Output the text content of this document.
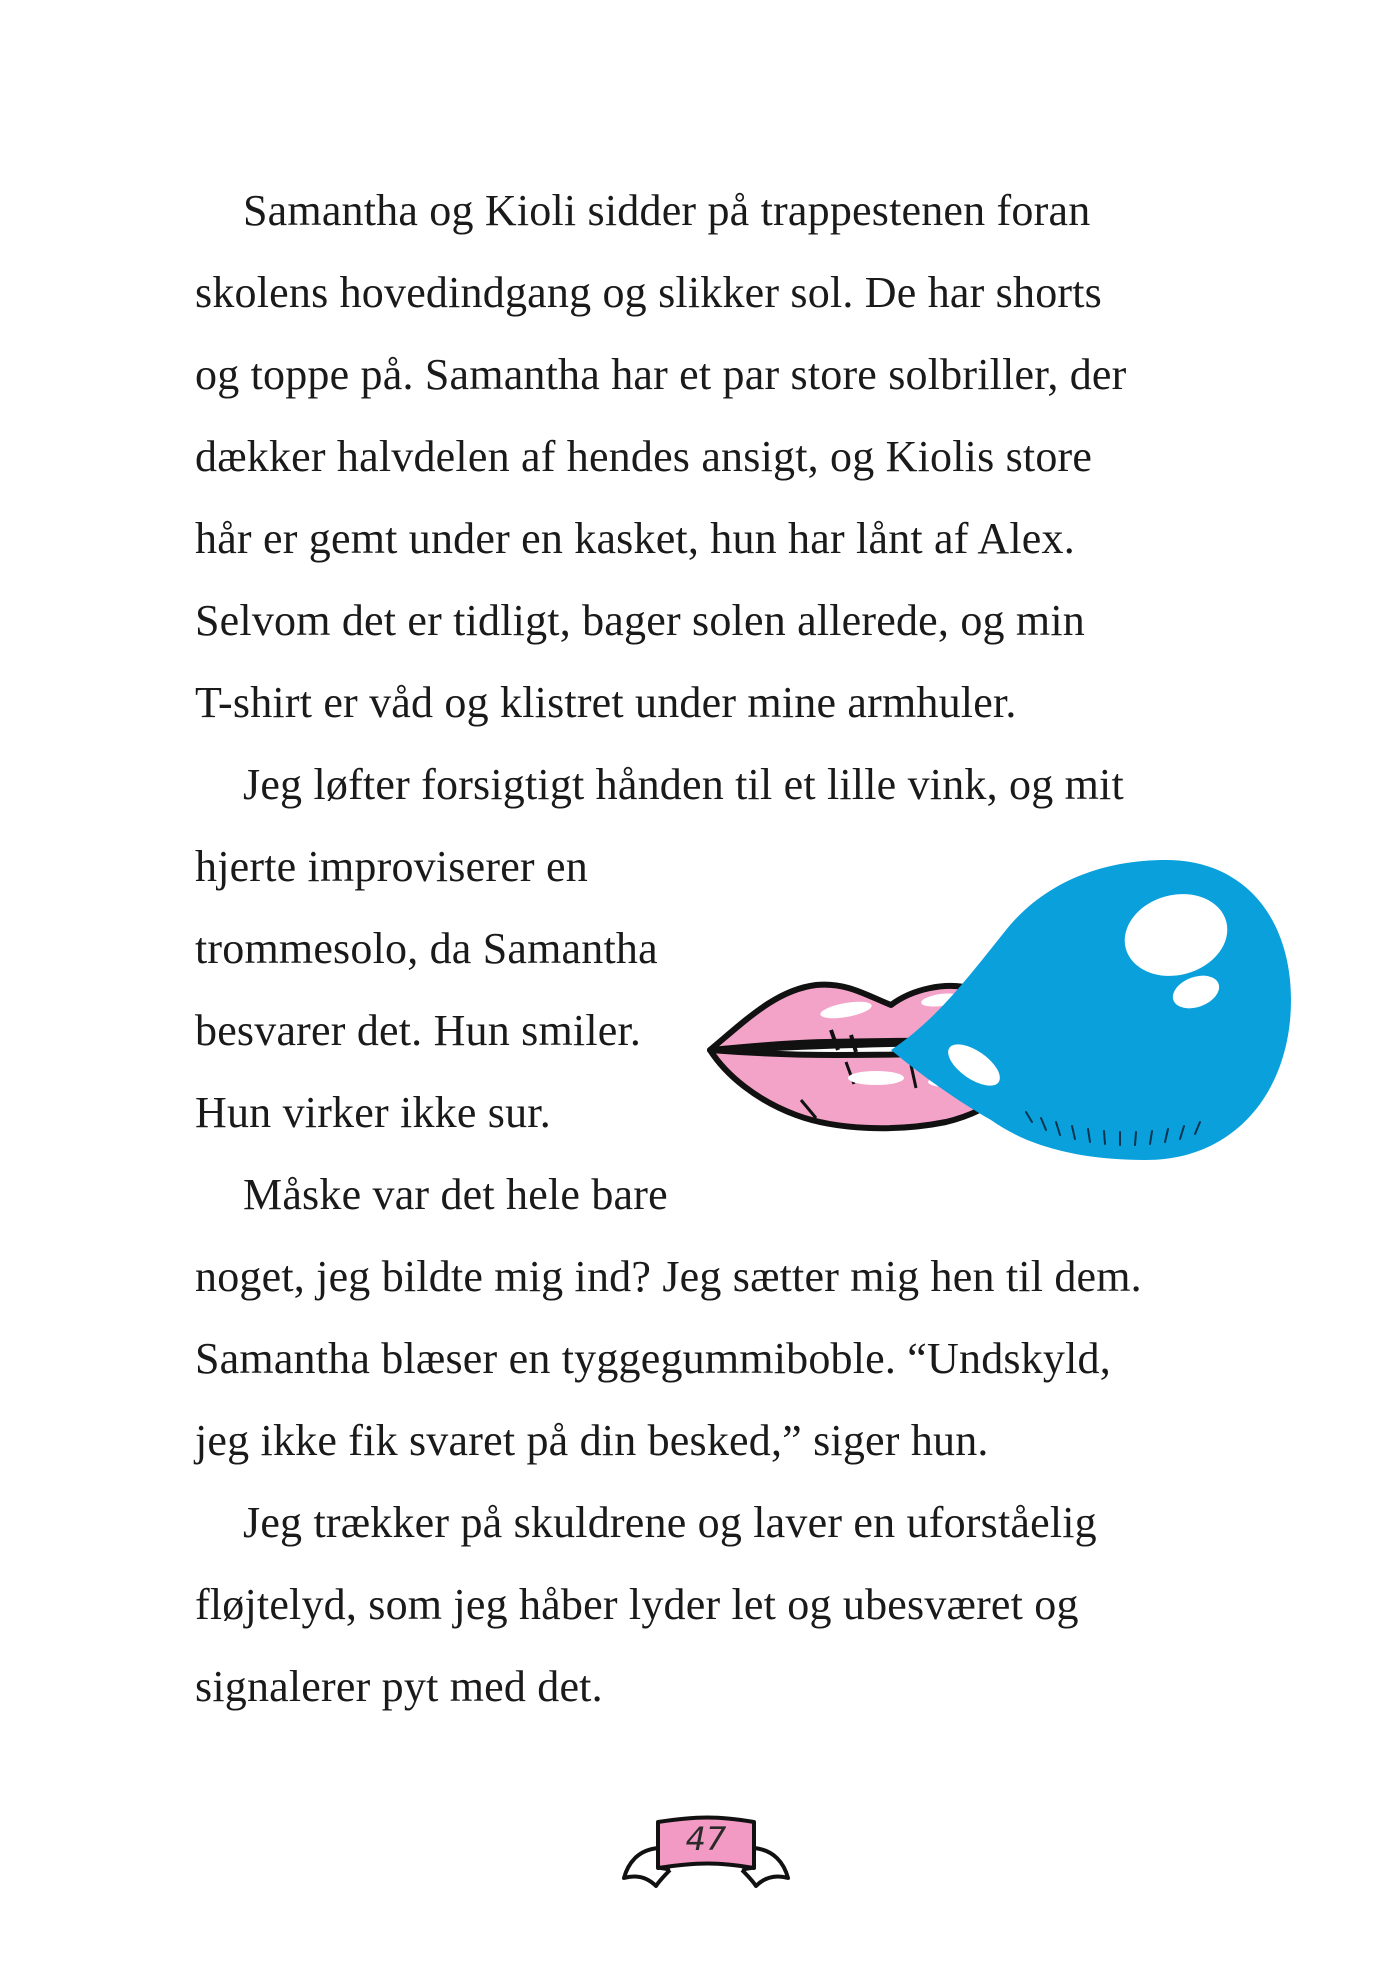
Samantha og Kioli sidder på trappestenen foran
skolens hovedindgang og slikker sol. De har shorts
og toppe på. Samantha har et par store solbriller, der
dækker halvdelen af hendes ansigt, og Kiolis store
hår er gemt under en kasket, hun har lånt af Alex.
Selvom det er tidligt, bager solen allerede, og min
T-shirt er våd og klistret under mine armhuler.
Jeg løfter forsigtigt hånden til et lille vink, og mit
hjerte improviserer en
trommesolo, da Samantha
besvarer det. Hun smiler.
Hun virker ikke sur.
Måske var det hele bare
noget, jeg bildte mig ind? Jeg sætter mig hen til dem.
Samantha blæser en tyggegummiboble. “Undskyld,
jeg ikke fik svaret på din besked,” siger hun.
Jeg trækker på skuldrene og laver en uforståelig
fløjtelyd, som jeg håber lyder let og ubesværet og
signalerer pyt med det.
47
